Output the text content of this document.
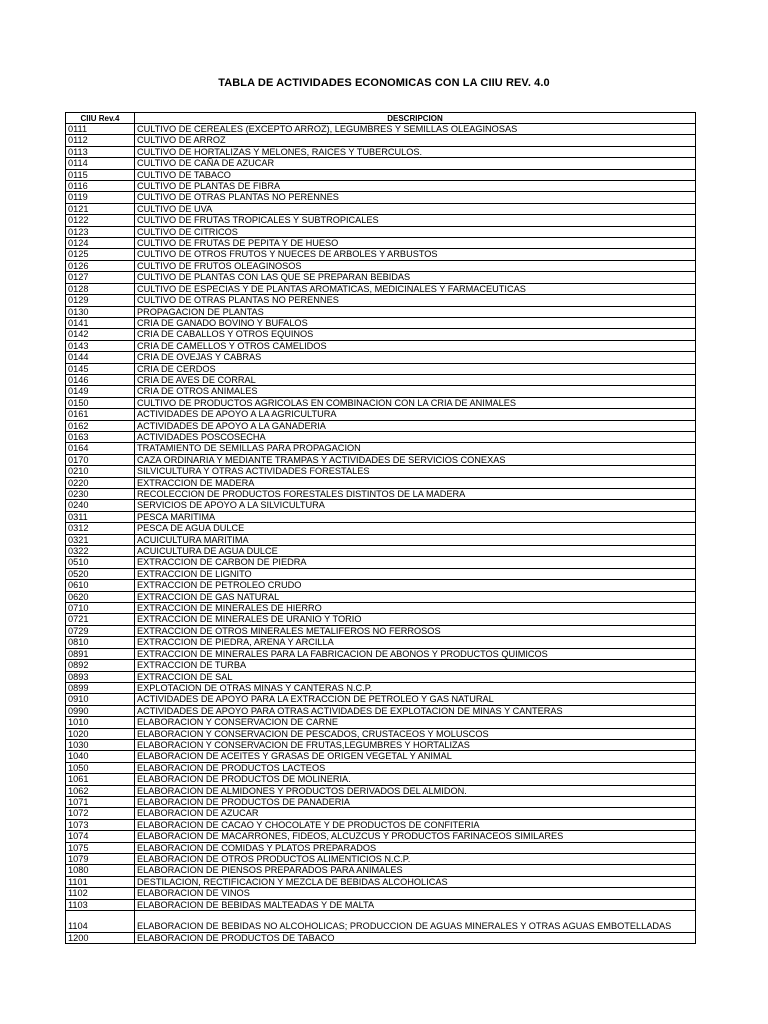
TABLA DE ACTIVIDADES ECONOMICAS CON LA CIIU REV. 4.0
CIIU Rev.4	DESCRIPCION
0111	CULTIVO DE CEREALES (EXCEPTO ARROZ), LEGUMBRES Y SEMILLAS OLEAGINOSAS
0112	CULTIVO DE ARROZ
0113	CULTIVO DE HORTALIZAS Y MELONES, RAICES Y TUBERCULOS.
0114	CULTIVO DE CAÑA DE AZUCAR
0115	CULTIVO DE TABACO
0116	CULTIVO DE PLANTAS DE FIBRA
0119	CULTIVO DE OTRAS PLANTAS NO PERENNES
0121	CULTIVO DE UVA
0122	CULTIVO DE FRUTAS TROPICALES Y SUBTROPICALES
0123	CULTIVO DE CITRICOS
0124	CULTIVO DE FRUTAS DE PEPITA Y DE HUESO
0125	CULTIVO DE OTROS FRUTOS Y NUECES DE ARBOLES Y ARBUSTOS
0126	CULTIVO DE FRUTOS OLEAGINOSOS
0127	CULTIVO DE PLANTAS CON LAS QUE SE PREPARAN BEBIDAS
0128	CULTIVO DE ESPECIAS Y DE PLANTAS AROMATICAS, MEDICINALES Y FARMACEUTICAS
0129	CULTIVO DE OTRAS PLANTAS NO PERENNES
0130	PROPAGACION DE PLANTAS
0141	CRIA DE GANADO BOVINO Y BUFALOS
0142	CRIA DE CABALLOS Y OTROS EQUINOS
0143	CRIA DE CAMELLOS Y OTROS CAMELIDOS
0144	CRIA DE OVEJAS Y CABRAS
0145	CRIA DE CERDOS
0146	CRIA DE AVES DE CORRAL
0149	CRIA DE OTROS ANIMALES
0150	CULTIVO DE PRODUCTOS AGRICOLAS EN COMBINACION CON LA CRIA DE ANIMALES
0161	ACTIVIDADES DE APOYO A LA AGRICULTURA
0162	ACTIVIDADES DE APOYO A LA GANADERIA
0163	ACTIVIDADES POSCOSECHA
0164	TRATAMIENTO DE SEMILLAS PARA PROPAGACION
0170	CAZA ORDINARIA Y MEDIANTE TRAMPAS Y ACTIVIDADES DE SERVICIOS CONEXAS
0210	SILVICULTURA Y OTRAS ACTIVIDADES FORESTALES
0220	EXTRACCION DE MADERA
0230	RECOLECCION DE PRODUCTOS FORESTALES DISTINTOS DE LA MADERA
0240	SERVICIOS DE APOYO A LA SILVICULTURA
0311	PESCA MARITIMA
0312	PESCA DE AGUA DULCE
0321	ACUICULTURA MARITIMA
0322	ACUICULTURA DE AGUA DULCE
0510	EXTRACCION DE CARBON DE PIEDRA
0520	EXTRACCION DE LIGNITO
0610	EXTRACCION DE PETROLEO CRUDO
0620	EXTRACCION DE GAS NATURAL
0710	EXTRACCION DE MINERALES DE HIERRO
0721	EXTRACCION DE MINERALES DE URANIO Y TORIO
0729	EXTRACCION DE OTROS MINERALES METALIFEROS NO FERROSOS
0810	EXTRACCION DE PIEDRA, ARENA Y ARCILLA
0891	EXTRACCION DE MINERALES PARA LA FABRICACION DE ABONOS Y PRODUCTOS QUIMICOS
0892	EXTRACCION DE TURBA
0893	EXTRACCION DE SAL
0899	EXPLOTACION DE OTRAS MINAS Y CANTERAS N.C.P.
0910	ACTIVIDADES DE APOYO PARA LA EXTRACCION DE PETROLEO Y GAS NATURAL
0990	ACTIVIDADES DE APOYO PARA OTRAS ACTIVIDADES DE EXPLOTACION DE MINAS Y CANTERAS
1010	ELABORACION Y CONSERVACION DE CARNE
1020	ELABORACION Y CONSERVACION DE PESCADOS, CRUSTACEOS Y MOLUSCOS
1030	ELABORACION Y CONSERVACION DE FRUTAS,LEGUMBRES Y HORTALIZAS
1040	ELABORACION DE ACEITES Y GRASAS DE ORIGEN VEGETAL Y ANIMAL
1050	ELABORACION DE PRODUCTOS LACTEOS
1061	ELABORACION DE PRODUCTOS DE MOLINERIA.
1062	ELABORACION DE ALMIDONES Y PRODUCTOS DERIVADOS DEL ALMIDON.
1071	ELABORACION DE PRODUCTOS DE PANADERIA
1072	ELABORACION DE AZUCAR
1073	ELABORACION DE CACAO Y CHOCOLATE Y DE PRODUCTOS DE CONFITERIA
1074	ELABORACION DE MACARRONES, FIDEOS, ALCUZCUS Y PRODUCTOS FARINACEOS SIMILARES
1075	ELABORACION DE COMIDAS Y PLATOS PREPARADOS
1079	ELABORACION DE OTROS PRODUCTOS ALIMENTICIOS N.C.P.
1080	ELABORACION DE PIENSOS PREPARADOS PARA ANIMALES
1101	DESTILACION, RECTIFICACION Y MEZCLA DE BEBIDAS ALCOHOLICAS
1102	ELABORACION DE VINOS
1103	ELABORACION DE BEBIDAS MALTEADAS Y DE MALTA
1104	ELABORACION DE BEBIDAS NO ALCOHOLICAS; PRODUCCION DE AGUAS MINERALES Y OTRAS AGUAS EMBOTELLADAS
1200	ELABORACION DE PRODUCTOS DE TABACO
